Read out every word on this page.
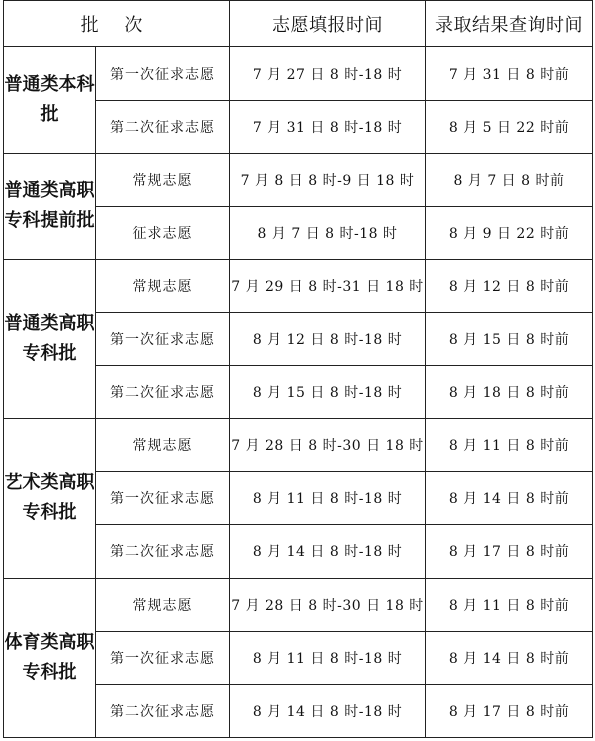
批 次		志愿填报时间	录取结果查询时间
普通类本科批	第一次征求志愿	7 月 27 日 8 时-18 时	7 月 31 日 8 时前
	第二次征求志愿	7 月 31 日 8 时-18 时	8 月 5 日 22 时前
普通类高职专科提前批	常规志愿	7 月 8 日 8 时-9 日 18 时	8 月 7 日 8 时前
	征求志愿	8 月 7 日 8 时-18 时	8 月 9 日 22 时前
普通类高职专科批	常规志愿	7 月 29 日 8 时-31 日 18 时	8 月 12 日 8 时前
	第一次征求志愿	8 月 12 日 8 时-18 时	8 月 15 日 8 时前
	第二次征求志愿	8 月 15 日 8 时-18 时	8 月 18 日 8 时前
艺术类高职专科批	常规志愿	7 月 28 日 8 时-30 日 18 时	8 月 11 日 8 时前
	第一次征求志愿	8 月 11 日 8 时-18 时	8 月 14 日 8 时前
	第二次征求志愿	8 月 14 日 8 时-18 时	8 月 17 日 8 时前
体育类高职专科批	常规志愿	7 月 28 日 8 时-30 日 18 时	8 月 11 日 8 时前
	第一次征求志愿	8 月 11 日 8 时-18 时	8 月 14 日 8 时前
	第二次征求志愿	8 月 14 日 8 时-18 时	8 月 17 日 8 时前
